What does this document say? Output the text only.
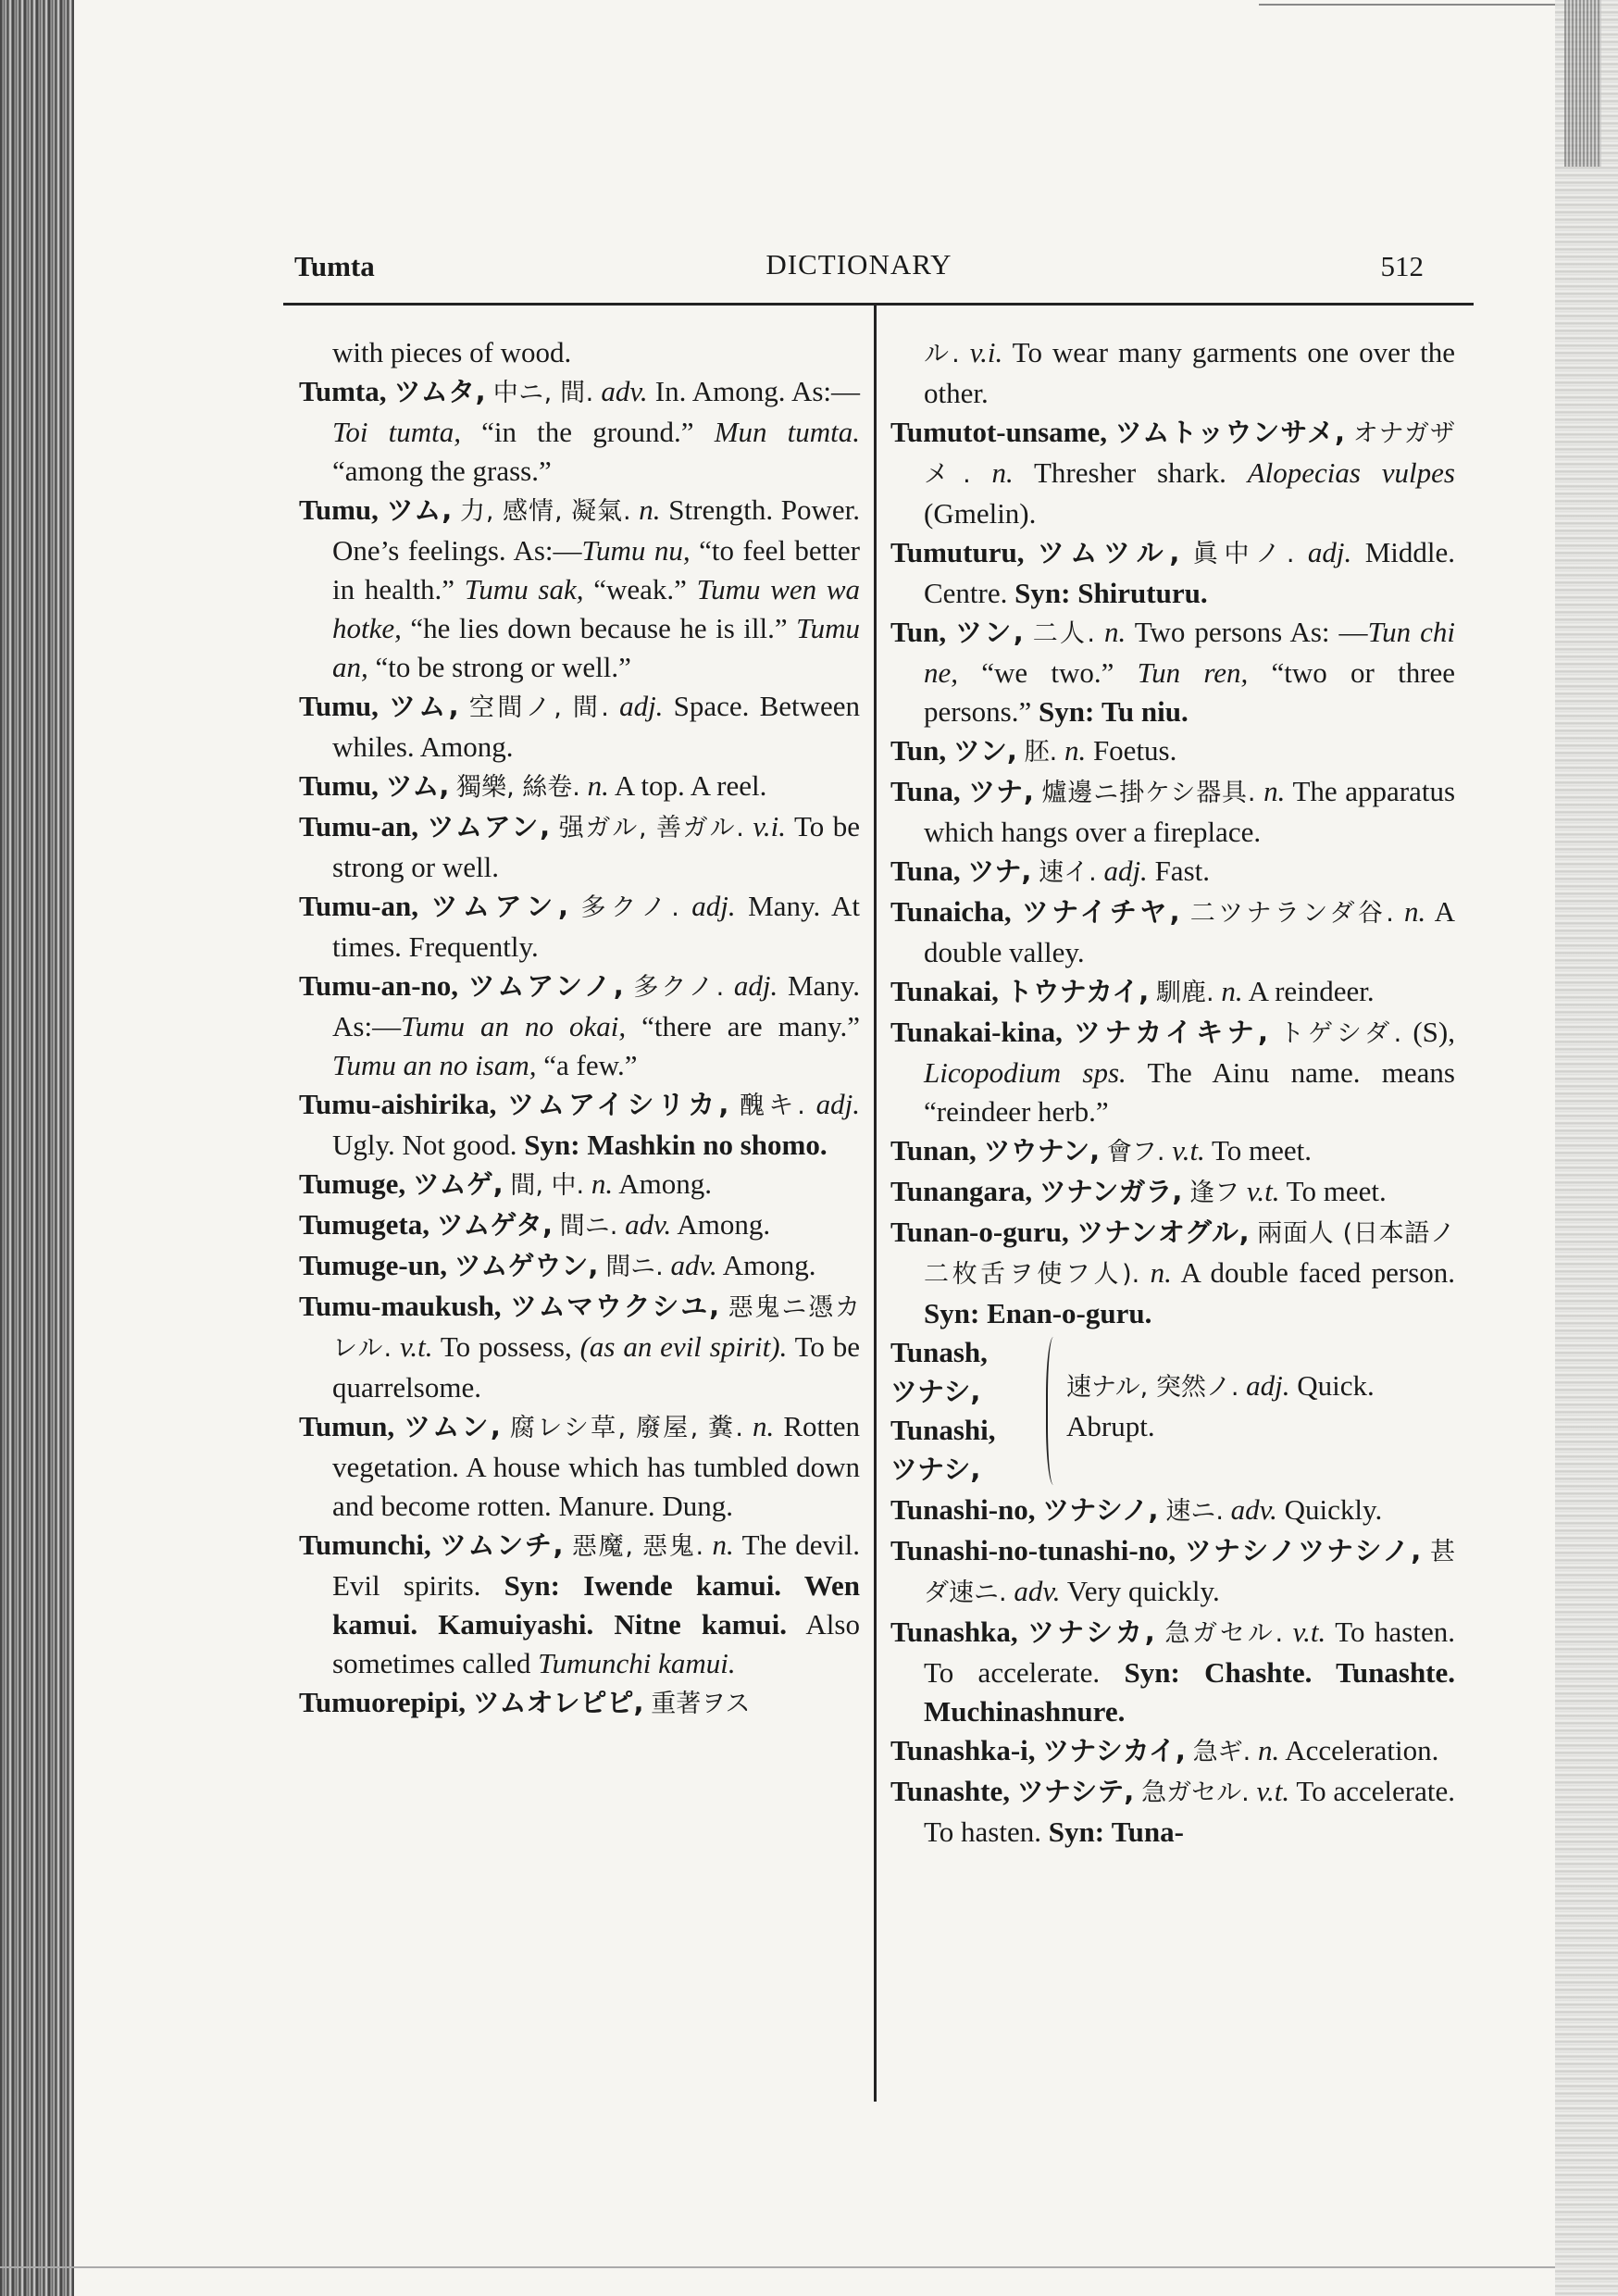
Tumta	DICTIONARY	512

with pieces of wood.

Tumta, ツムタ, 中ニ, 間. adv. In. Among. As:—Toi tumta, “in the ground.” Mun tumta. “among the grass.”

Tumu, ツム, 力, 感情, 凝氣. n. Strength. Power. One’s feelings. As:—Tumu nu, “to feel better in health.” Tumu sak, “weak.” Tumu wen wa hotke, “he lies down because he is ill.” Tumu an, “to be strong or well.”

Tumu, ツム, 空間ノ, 間. adj. Space. Between whiles. Among.

Tumu, ツム, 獨樂, 絲卷. n. A top. A reel.

Tumu-an, ツムアン, 强ガル, 善ガル. v.i. To be strong or well.

Tumu-an, ツムアン, 多クノ. adj. Many. At times. Frequently.

Tumu-an-no, ツムアンノ, 多クノ. adj. Many. As:—Tumu an no okai, “there are many.” Tumu an no isam, “a few.”

Tumu-aishirika, ツムアイシリカ, 醜キ. adj. Ugly. Not good. Syn: Mashkin no shomo.

Tumuge, ツムゲ, 間, 中. n. Among.

Tumugeta, ツムゲタ, 間ニ. adv. Among.

Tumuge-un, ツムゲウン, 間ニ. adv. Among.

Tumu-maukush, ツムマウクシユ, 惡鬼ニ憑カレル. v.t. To possess, (as an evil spirit). To be quarrelsome.

Tumun, ツムン, 腐レシ草, 廢屋, 糞. n. Rotten vegetation. A house which has tumbled down and become rotten. Manure. Dung.

Tumunchi, ツムンチ, 惡魔, 惡鬼. n. The devil. Evil spirits. Syn: Iwende kamui. Wen kamui. Kamuiyashi. Nitne kamui. Also sometimes called Tumunchi kamui.

Tumuorepipi, ツムオレピピ, 重著ヲス

ル. v.i. To wear many garments one over the other.

Tumutot-unsame, ツムトッウンサメ, オナガザメ. n. Thresher shark. Alopecias vulpes (Gmelin).

Tumuturu, ツムツル, 眞中ノ. adj. Middle. Centre. Syn: Shiruturu.

Tun, ツン, 二人. n. Two persons As: —Tun chi ne, “we two.” Tun ren, “two or three persons.” Syn: Tu niu.

Tun, ツン, 胚. n. Foetus.

Tuna, ツナ, 爐邊ニ掛ケシ器具. n. The apparatus which hangs over a fireplace.

Tuna, ツナ, 速イ. adj. Fast.

Tunaicha, ツナイチヤ, 二ツナランダ谷. n. A double valley.

Tunakai, トウナカイ, 馴鹿. n. A reindeer.

Tunakai-kina, ツナカイキナ, トゲシダ. (S), Licopodium sps. The Ainu name. means “reindeer herb.”

Tunan, ツウナン, 會フ. v.t. To meet.

Tunangara, ツナンガラ, 逢フ v.t. To meet.

Tunan-o-guru, ツナンオグル, 兩面人 (日本語ノ二枚舌ヲ使フ人). n. A double faced person. Syn: Enan-o-guru.

Tunash,
ツナシ,
Tunashi,
ツナシ,
速ナル, 突然ノ. adj. Quick. Abrupt.

Tunashi-no, ツナシノ, 速ニ. adv. Quickly.

Tunashi-no-tunashi-no, ツナシノツナシノ, 甚ダ速ニ. adv. Very quickly.

Tunashka, ツナシカ, 急ガセル. v.t. To hasten. To accelerate. Syn: Chashte. Tunashte. Muchinashnure.

Tunashka-i, ツナシカイ, 急ギ. n. Acceleration.

Tunashte, ツナシテ, 急ガセル. v.t. To accelerate. To hasten. Syn: Tuna-
